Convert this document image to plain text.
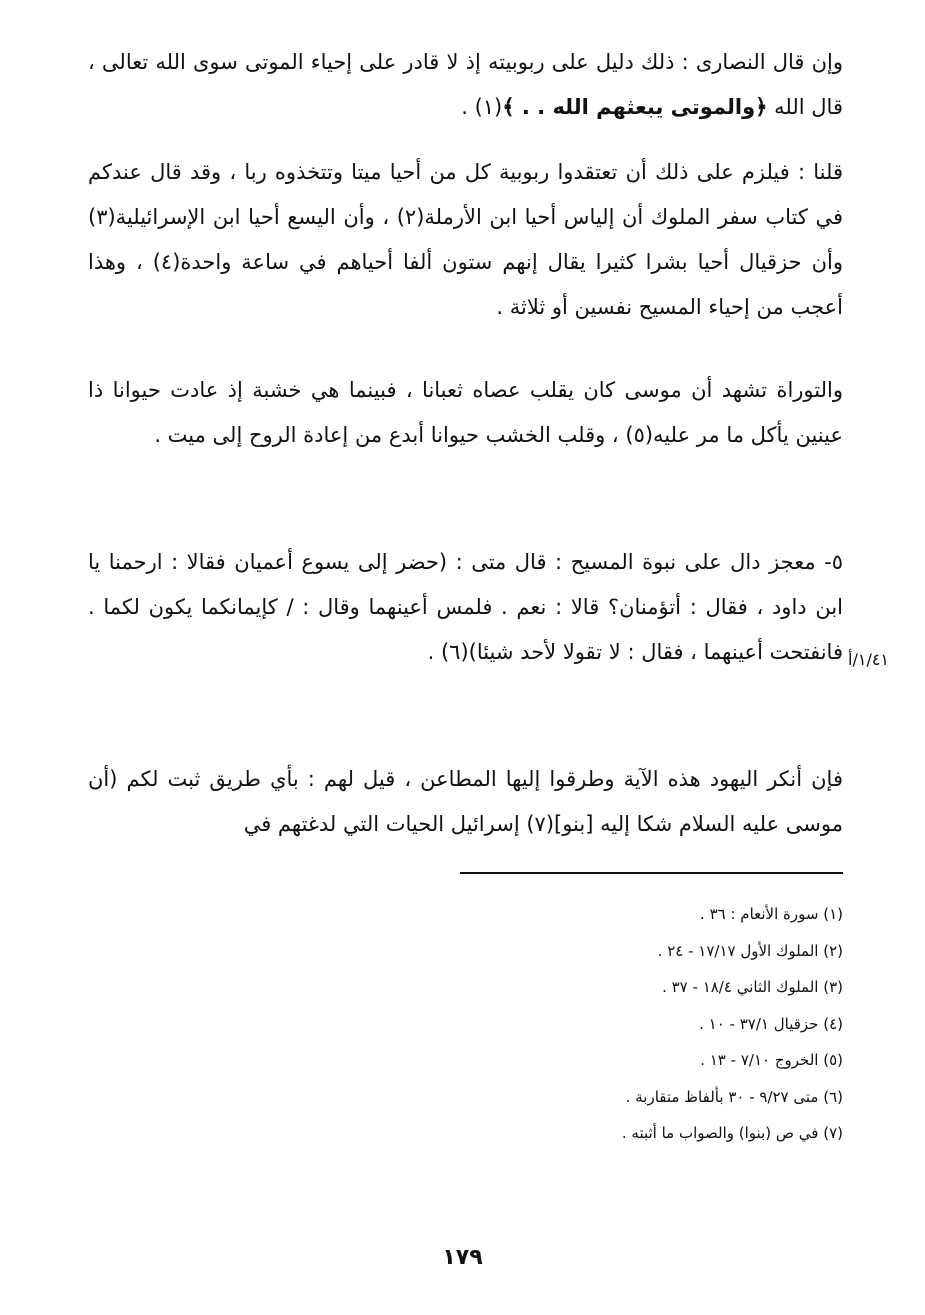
وإن قال النصارى : ذلك دليل على ربوبيته إذ لا قادر على إحياء الموتى سوى الله تعالى ، قال الله ﴿والموتى يبعثهم الله . . ﴾(١) .

قلنا : فيلزم على ذلك أن تعتقدوا ربوبية كل من أحيا ميتا وتتخذوه ربا ، وقد قال عندكم في كتاب سفر الملوك أن إلياس أحيا ابن الأرملة(٢) ، وأن اليسع أحيا ابن الإسرائيلية(٣) وأن حزقيال أحيا بشرا كثيرا يقال إنهم ستون ألفا أحياهم في ساعة واحدة(٤) ، وهذا أعجب من إحياء المسيح نفسين أو ثلاثة .

والتوراة تشهد أن موسى كان يقلب عصاه ثعبانا ، فبينما هي خشبة إذ عادت حيوانا ذا عينين يأكل ما مر عليه(٥) ، وقلب الخشب حيوانا أبدع من إعادة الروح إلى ميت .

٥- معجز دال على نبوة المسيح : قال متى : (حضر إلى يسوع أعميان فقالا : ارحمنا يا ابن داود ، فقال : أتؤمنان؟ قالا : نعم . فلمس أعينهما وقال : / كإيمانكما يكون لكما . فانفتحت أعينهما ، فقال : لا تقولا لأحد شيئا)(٦) . ١/٤١/أ

فإن أنكر اليهود هذه الآية وطرقوا إليها المطاعن ، قيل لهم : بأي طريق ثبت لكم (أن موسى عليه السلام شكا إليه [بنو](٧) إسرائيل الحيات التي لدغتهم في

(١) سورة الأنعام : ٣٦ .
(٢) الملوك الأول ١٧/١٧ - ٢٤ .
(٣) الملوك الثاني ١٨/٤ - ٣٧ .
(٤) حزقيال ٣٧/١ - ١٠ .
(٥) الخروج ٧/١٠ - ١٣ .
(٦) متى ٩/٢٧ - ٣٠ بألفاظ متقاربة .
(٧) في ص (بنوا) والصواب ما أثبته .
١٧٩
